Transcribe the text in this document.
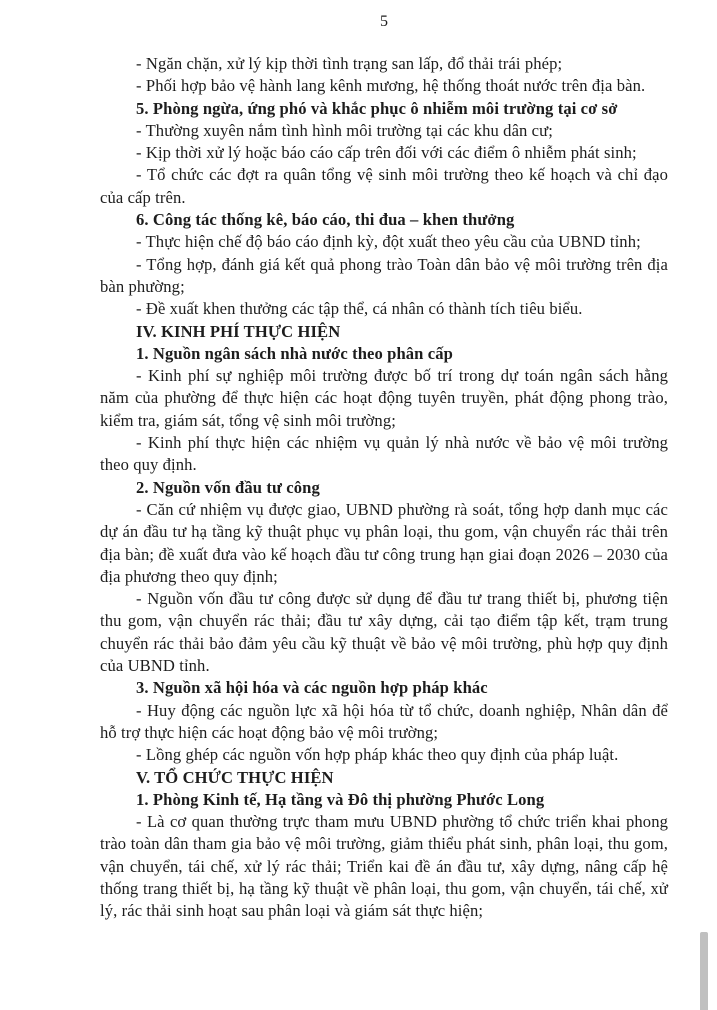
5

- Ngăn chặn, xử lý kịp thời tình trạng san lấp, đổ thải trái phép;

- Phối hợp bảo vệ hành lang kênh mương, hệ thống thoát nước trên địa bàn.

5. Phòng ngừa, ứng phó và khắc phục ô nhiễm môi trường tại cơ sở

- Thường xuyên nắm tình hình môi trường tại các khu dân cư;

- Kịp thời xử lý hoặc báo cáo cấp trên đối với các điểm ô nhiễm phát sinh;

- Tổ chức các đợt ra quân tổng vệ sinh môi trường theo kế hoạch và chỉ đạo của cấp trên.

6. Công tác thống kê, báo cáo, thi đua – khen thưởng

- Thực hiện chế độ báo cáo định kỳ, đột xuất theo yêu cầu của UBND tỉnh;

- Tổng hợp, đánh giá kết quả phong trào Toàn dân bảo vệ môi trường trên địa bàn phường;

- Đề xuất khen thưởng các tập thể, cá nhân có thành tích tiêu biểu.

IV. KINH PHÍ THỰC HIỆN

1. Nguồn ngân sách nhà nước theo phân cấp

- Kinh phí sự nghiệp môi trường được bố trí trong dự toán ngân sách hằng năm của phường để thực hiện các hoạt động tuyên truyền, phát động phong trào, kiểm tra, giám sát, tổng vệ sinh môi trường;

- Kinh phí thực hiện các nhiệm vụ quản lý nhà nước về bảo vệ môi trường theo quy định.

2. Nguồn vốn đầu tư công

- Căn cứ nhiệm vụ được giao, UBND phường rà soát, tổng hợp danh mục các dự án đầu tư hạ tầng kỹ thuật phục vụ phân loại, thu gom, vận chuyển rác thải trên địa bàn; đề xuất đưa vào kế hoạch đầu tư công trung hạn giai đoạn 2026 – 2030 của địa phương theo quy định;

- Nguồn vốn đầu tư công được sử dụng để đầu tư trang thiết bị, phương tiện thu gom, vận chuyển rác thải; đầu tư xây dựng, cải tạo điểm tập kết, trạm trung chuyển rác thải bảo đảm yêu cầu kỹ thuật về bảo vệ môi trường, phù hợp quy định của UBND tỉnh.

3. Nguồn xã hội hóa và các nguồn hợp pháp khác

- Huy động các nguồn lực xã hội hóa từ tổ chức, doanh nghiệp, Nhân dân để hỗ trợ thực hiện các hoạt động bảo vệ môi trường;

- Lồng ghép các nguồn vốn hợp pháp khác theo quy định của pháp luật.

V. TỔ CHỨC THỰC HIỆN

1. Phòng Kinh tế, Hạ tầng và Đô thị phường Phước Long

- Là cơ quan thường trực tham mưu UBND phường tổ chức triển khai phong trào toàn dân tham gia bảo vệ môi trường, giảm thiểu phát sinh, phân loại, thu gom, vận chuyển, tái chế, xử lý rác thải; Triển kai đề án đầu tư, xây dựng, nâng cấp hệ thống trang thiết bị, hạ tầng kỹ thuật về phân loại, thu gom, vận chuyển, tái chế, xử lý, rác thải sinh hoạt sau phân loại và giám sát thực hiện;
